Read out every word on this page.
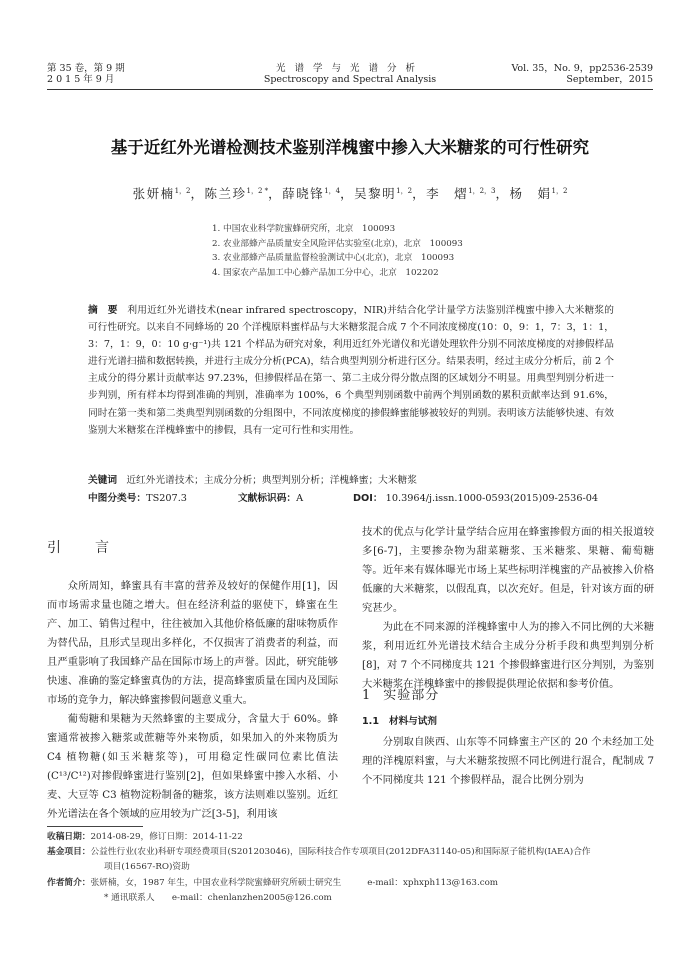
第 35 卷，第 9 期
2 0 1 5 年 9 月
光谱学与光谱分析
Spectroscopy and Spectral Analysis
Vol. 35，No. 9，pp2536-2539
September，2015
基于近红外光谱检测技术鉴别洋槐蜜中掺入大米糖浆的可行性研究
张妍楠$^{1,2}$，陈兰珍$^{1,2 *}$，薛晓锋$^{1,4}$，吴黎明$^{1,2}$，李　熠$^{1,2,3}$，杨　娟$^{1,2}$
1. 中国农业科学院蜜蜂研究所，北京　100093
2. 农业部蜂产品质量安全风险评估实验室(北京)，北京　100093
3. 农业部蜂产品质量监督检验测试中心(北京)，北京　100093
4. 国家农产品加工中心蜂产品加工分中心，北京　102202
摘　要 利用近红外光谱技术(near infrared spectroscopy，NIR)并结合化学计量学方法鉴别洋槐蜜中掺入大米糖浆的可行性研究。以来自不同蜂场的 20 个洋槐原料蜜样品与大米糖浆混合成 7 个不同浓度梯度(10：0，9：1，7：3，1：1，3：7，1：9，0：10 g·g⁻¹)共 121 个样品为研究对象，利用近红外光谱仪和光谱处理软件分别不同浓度梯度的对掺假样品进行光谱扫描和数据转换，并进行主成分分析(PCA)，结合典型判别分析进行区分。结果表明，经过主成分分析后，前 2 个主成分的得分累计贡献率达 97.23%，但掺假样品在第一、第二主成分得分散点图的区域划分不明显。用典型判别分析进一步判别，所有样本均得到准确的判别，准确率为 100%，6 个典型判别函数中前两个判别函数的累积贡献率达到 91.6%，同时在第一类和第二类典型判别函数的分组图中，不同浓度梯度的掺假蜂蜜能够被较好的判别。表明该方法能够快速、有效鉴别大米糖浆在洋槐蜂蜜中的掺假，具有一定可行性和实用性。
关键词 近红外光谱技术；主成分分析；典型判别分析；洋槐蜂蜜；大米糖浆
中图分类号：TS207.3	文献标识码：A	DOI： 10.3964/j.issn.1000-0593(2015)09-2536-04
引　言

众所周知，蜂蜜具有丰富的营养及较好的保健作用[1]，因而市场需求量也随之增大。但在经济利益的驱使下，蜂蜜在生产、加工、销售过程中，往往被加入其他价格低廉的甜味物质作为替代品，且形式呈现出多样化，不仅损害了消费者的利益，而且严重影响了我国蜂产品在国际市场上的声誉。因此，研究能够快速、准确的鉴定蜂蜜真伪的方法，提高蜂蜜质量在国内及国际市场的竞争力，解决蜂蜜掺假问题意义重大。

葡萄糖和果糖为天然蜂蜜的主要成分，含量大于 60%。蜂蜜通常被掺入糖浆或蔗糖等外来物质，如果加入的外来物质为 C4 植物糖(如玉米糖浆等)，可用稳定性碳同位素比值法(C¹³/C¹²)对掺假蜂蜜进行鉴别[2]，但如果蜂蜜中掺入水稻、小麦、大豆等 C3 植物淀粉制备的糖浆，该方法则难以鉴别。近红外光谱法在各个领域的应用较为广泛[3-5]，利用该

技术的优点与化学计量学结合应用在蜂蜜掺假方面的相关报道较多[6-7]，主要掺杂物为甜菜糖浆、玉米糖浆、果糖、葡萄糖等。近年来有媒体曝光市场上某些标明洋槐蜜的产品被掺入价格低廉的大米糖浆，以假乱真，以次充好。但是，针对该方面的研究甚少。

为此在不同来源的洋槐蜂蜜中人为的掺入不同比例的大米糖浆，利用近红外光谱技术结合主成分分析手段和典型判别分析[8]，对 7 个不同梯度共 121 个掺假蜂蜜进行区分判别，为鉴别大米糖浆在洋槐蜂蜜中的掺假提供理论依据和参考价值。

1 实验部分
1.1 材料与试剂

分别取自陕西、山东等不同蜂蜜主产区的 20 个未经加工处理的洋槐原料蜜，与大米糖浆按照不同比例进行混合，配制成 7 个不同梯度共 121 个掺假样品，混合比例分别为

收稿日期：2014-08-29，修订日期：2014-11-22
基金项目：公益性行业(农业)科研专项经费项目(S201203046)，国际科技合作专项项目(2012DFA31140-05)和国际原子能机构(IAEA)合作
项目(16567-RO)资助
作者简介：张妍楠，女，1987 年生，中国农业科学院蜜蜂研究所硕士研究生　　　e-mail：xphxph113@163.com
* 通讯联系人　　e-mail：chenlanzhen2005@126.com
